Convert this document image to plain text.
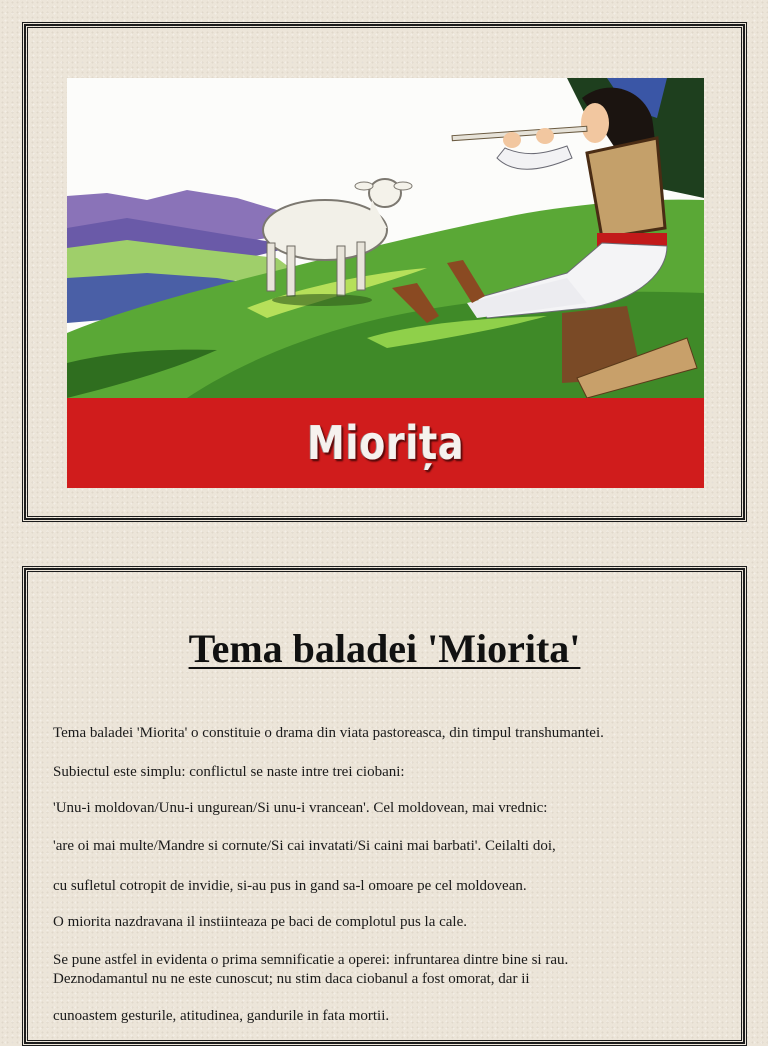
Miorița
Tema baladei 'Miorita'
Tema baladei 'Miorita' o constituie o drama din viata pastoreasca, din timpul transhumantei.
Subiectul este simplu: conflictul se naste intre trei ciobani:
'Unu-i moldovan/Unu-i ungurean/Si unu-i vrancean'. Cel moldovean, mai vrednic:
'are oi mai multe/Mandre si cornute/Si cai invatati/Si caini mai barbati'. Ceilalti doi,
cu sufletul cotropit de invidie, si-au pus in gand sa-l omoare pe cel moldovean.
O miorita nazdravana il instiinteaza pe baci de complotul pus la cale.
Se pune astfel in evidenta o prima semnificatie a operei: infruntarea dintre bine si rau.
Deznodamantul nu ne este cunoscut; nu stim daca ciobanul a fost omorat, dar ii
cunoastem gesturile, atitudinea, gandurile in fata mortii.
